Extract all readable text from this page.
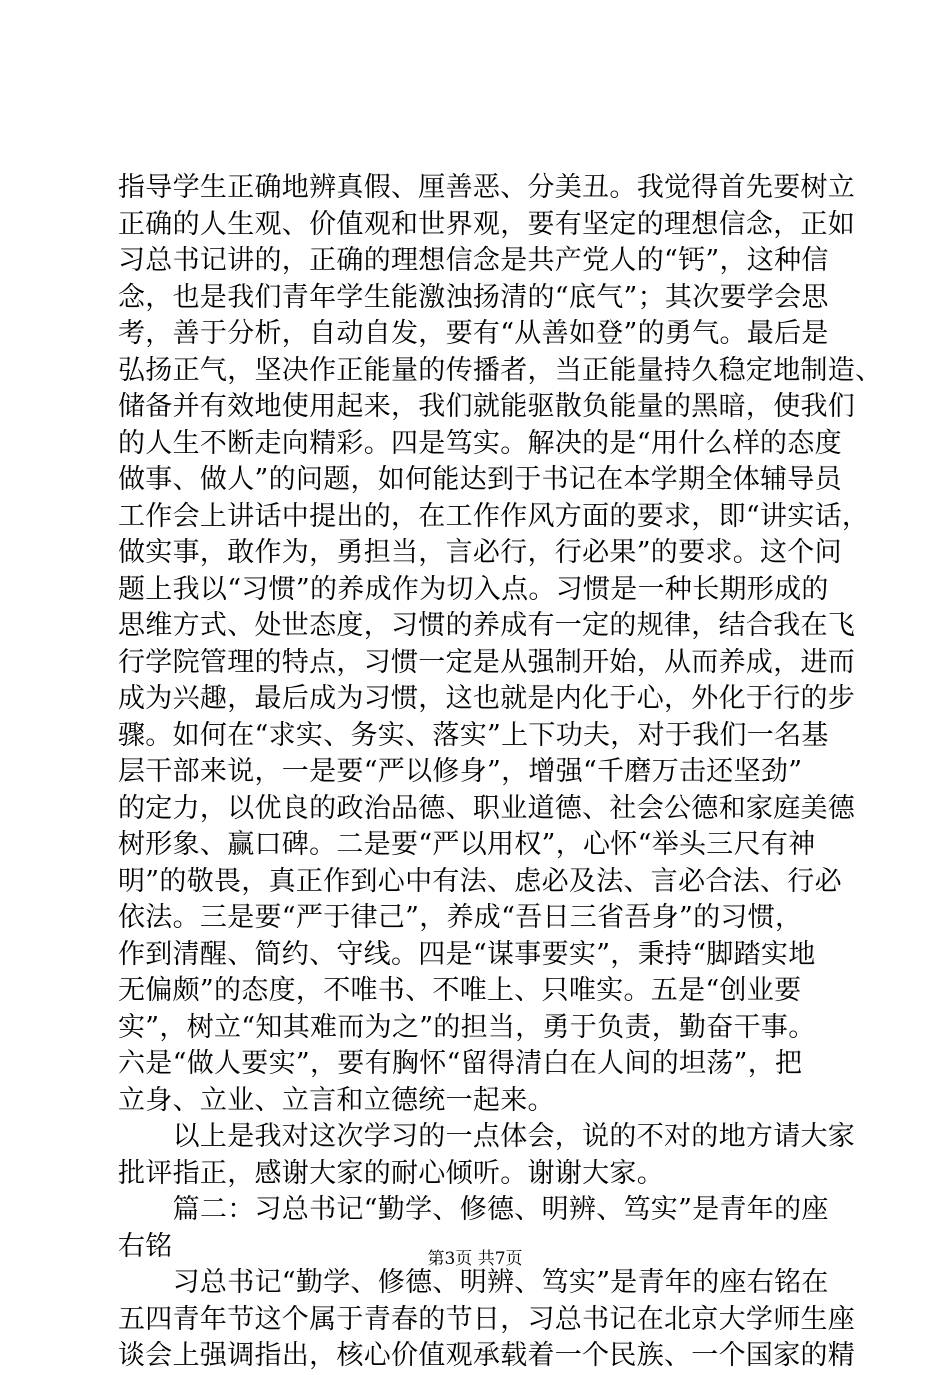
指导学生正确地辨真假、厘善恶、分美丑。我觉得首先要树立
正确的人生观、价值观和世界观，要有坚定的理想信念，正如
习总书记讲的，正确的理想信念是共产党人的“钙”，这种信
念，也是我们青年学生能激浊扬清的“底气”；其次要学会思
考，善于分析，自动自发，要有“从善如登”的勇气。最后是
弘扬正气，坚决作正能量的传播者，当正能量持久稳定地制造、
储备并有效地使用起来，我们就能驱散负能量的黑暗，使我们
的人生不断走向精彩。四是笃实。解决的是“用什么样的态度
做事、做人”的问题，如何能达到于书记在本学期全体辅导员
工作会上讲话中提出的，在工作作风方面的要求，即“讲实话，
做实事，敢作为，勇担当，言必行，行必果”的要求。这个问
题上我以“习惯”的养成作为切入点。习惯是一种长期形成的
思维方式、处世态度，习惯的养成有一定的规律，结合我在飞
行学院管理的特点，习惯一定是从强制开始，从而养成，进而
成为兴趣，最后成为习惯，这也就是内化于心，外化于行的步
骤。如何在“求实、务实、落实”上下功夫，对于我们一名基
层干部来说，一是要“严以修身”，增强“千磨万击还坚劲”
的定力，以优良的政治品德、职业道德、社会公德和家庭美德
树形象、赢口碑。二是要“严以用权”，心怀“举头三尺有神
明”的敬畏，真正作到心中有法、虑必及法、言必合法、行必
依法。三是要“严于律己”，养成“吾日三省吾身”的习惯，
作到清醒、简约、守线。四是“谋事要实”，秉持“脚踏实地
无偏颇”的态度，不唯书、不唯上、只唯实。五是“创业要
实”，树立“知其难而为之”的担当，勇于负责，勤奋干事。
六是“做人要实”，要有胸怀“留得清白在人间的坦荡”，把
立身、立业、立言和立德统一起来。
　　以上是我对这次学习的一点体会，说的不对的地方请大家
批评指正，感谢大家的耐心倾听。谢谢大家。
　　篇二：习总书记“勤学、修德、明辨、笃实”是青年的座
右铭
　　习总书记“勤学、修德、明辨、笃实”是青年的座右铭在
五四青年节这个属于青春的节日，习总书记在北京大学师生座
谈会上强调指出，核心价值观承载着一个民族、一个国家的精
第3页 共7页
